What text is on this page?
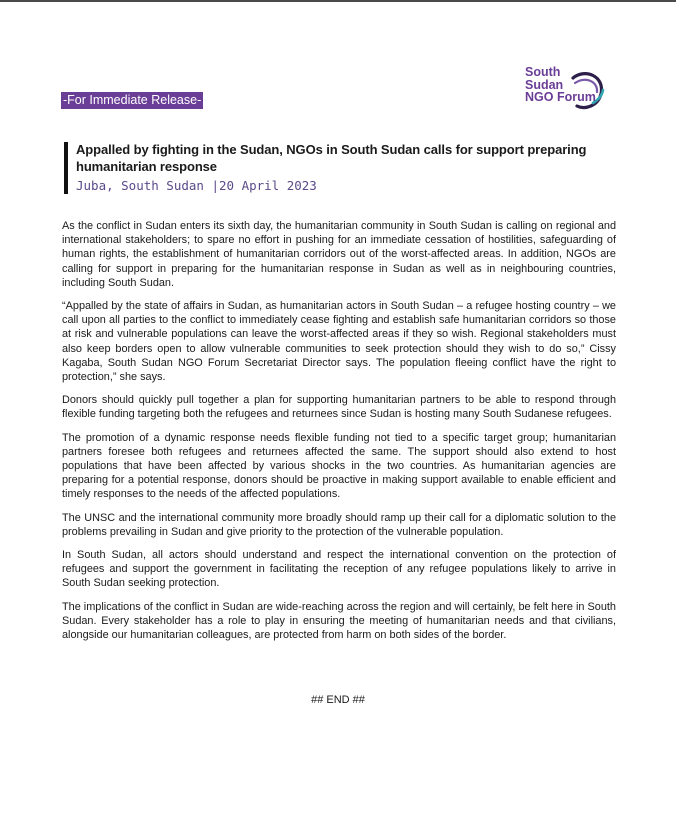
-For Immediate Release-
South
Sudan
NGO Forum
Appalled by fighting in the Sudan, NGOs in South Sudan calls for support preparing humanitarian response
Juba, South Sudan |20 April 2023

As the conflict in Sudan enters its sixth day, the humanitarian community in South Sudan is calling on regional and international stakeholders; to spare no effort in pushing for an immediate cessation of hostilities, safeguarding of human rights, the establishment of humanitarian corridors out of the worst-affected areas. In addition, NGOs are calling for support in preparing for the humanitarian response in Sudan as well as in neighbouring countries, including South Sudan.

“Appalled by the state of affairs in Sudan, as humanitarian actors in South Sudan – a refugee hosting country – we call upon all parties to the conflict to immediately cease fighting and establish safe humanitarian corridors so those at risk and vulnerable populations can leave the worst-affected areas if they so wish. Regional stakeholders must also keep borders open to allow vulnerable communities to seek protection should they wish to do so,” Cissy Kagaba, South Sudan NGO Forum Secretariat Director says. The population fleeing conflict have the right to protection,” she says.

Donors should quickly pull together a plan for supporting humanitarian partners to be able to respond through flexible funding targeting both the refugees and returnees since Sudan is hosting many South Sudanese refugees.

The promotion of a dynamic response needs flexible funding not tied to a specific target group; humanitarian partners foresee both refugees and returnees affected the same. The support should also extend to host populations that have been affected by various shocks in the two countries. As humanitarian agencies are preparing for a potential response, donors should be proactive in making support available to enable efficient and timely responses to the needs of the affected populations.

The UNSC and the international community more broadly should ramp up their call for a diplomatic solution to the problems prevailing in Sudan and give priority to the protection of the vulnerable population.

In South Sudan, all actors should understand and respect the international convention on the protection of refugees and support the government in facilitating the reception of any refugee populations likely to arrive in South Sudan seeking protection.

The implications of the conflict in Sudan are wide-reaching across the region and will certainly, be felt here in South Sudan. Every stakeholder has a role to play in ensuring the meeting of humanitarian needs and that civilians, alongside our humanitarian colleagues, are protected from harm on both sides of the border.

## END ##
